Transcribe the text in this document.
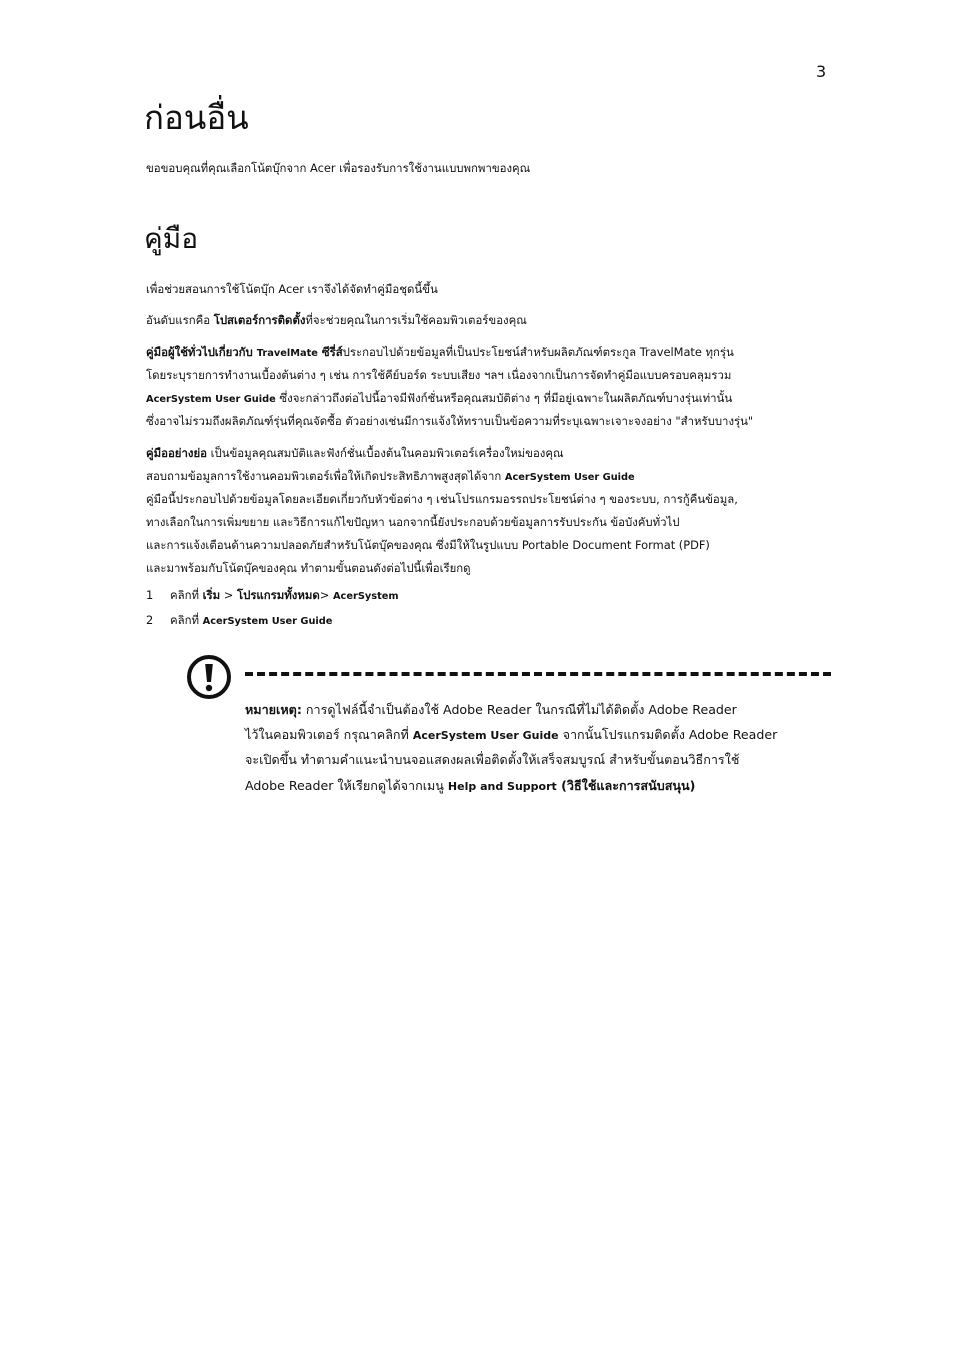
3
ก่อนอื่น
ขอขอบคุณที่คุณเลือกโน้ตบุ๊กจาก Acer เพื่อรองรับการใช้งานแบบพกพาของคุณ
คู่มือ
เพื่อช่วยสอนการใช้โน้ตบุ๊ก Acer เราจึงได้จัดทำคู่มือชุดนี้ขึ้น
อันดับแรกคือ โปสเตอร์การติดตั้งที่จะช่วยคุณในการเริ่มใช้คอมพิวเตอร์ของคุณ
คู่มือผู้ใช้ทั่วไปเกี่ยวกับ TravelMate ซีรี่ส์ประกอบไปด้วยข้อมูลที่เป็นประโยชน์สำหรับผลิตภัณฑ์ตระกูล TravelMate ทุกรุ่น
โดยระบุรายการทำงานเบื้องต้นต่าง ๆ เช่น การใช้คีย์บอร์ด ระบบเสียง ฯลฯ เนื่องจากเป็นการจัดทำคู่มือแบบครอบคลุมรวม
AcerSystem User Guide ซึ่งจะกล่าวถึงต่อไปนี้อาจมีฟังก์ชั่นหรือคุณสมบัติต่าง ๆ ที่มีอยู่เฉพาะในผลิตภัณฑ์บางรุ่นเท่านั้น
ซึ่งอาจไม่รวมถึงผลิตภัณฑ์รุ่นที่คุณจัดซื้อ ตัวอย่างเช่นมีการแจ้งให้ทราบเป็นข้อความที่ระบุเฉพาะเจาะจงอย่าง "สำหรับบางรุ่น"
คู่มืออย่างย่อ เป็นข้อมูลคุณสมบัติและฟังก์ชั่นเบื้องต้นในคอมพิวเตอร์เครื่องใหม่ของคุณ
สอบถามข้อมูลการใช้งานคอมพิวเตอร์เพื่อให้เกิดประสิทธิภาพสูงสุดได้จาก AcerSystem User Guide
คู่มือนี้ประกอบไปด้วยข้อมูลโดยละเอียดเกี่ยวกับหัวข้อต่าง ๆ เช่นโปรแกรมอรรถประโยชน์ต่าง ๆ ของระบบ, การกู้คืนข้อมูล,
ทางเลือกในการเพิ่มขยาย และวิธีการแก้ไขปัญหา นอกจากนี้ยังประกอบด้วยข้อมูลการรับประกัน ข้อบังคับทั่วไป
และการแจ้งเตือนด้านความปลอดภัยสำหรับโน้ตบุ๊คของคุณ ซึ่งมีให้ในรูปแบบ Portable Document Format (PDF)
และมาพร้อมกับโน้ตบุ๊คของคุณ ทำตามขั้นตอนดังต่อไปนี้เพื่อเรียกดู
1 คลิกที่ เริ่ม > โปรแกรมทั้งหมด> AcerSystem
2 คลิกที่ AcerSystem User Guide
หมายเหตุ: การดูไฟล์นี้จำเป็นต้องใช้ Adobe Reader ในกรณีที่ไม่ได้ติดตั้ง Adobe Reader
ไว้ในคอมพิวเตอร์ กรุณาคลิกที่ AcerSystem User Guide จากนั้นโปรแกรมติดตั้ง Adobe Reader
จะเปิดขึ้น ทำตามคำแนะนำบนจอแสดงผลเพื่อติดตั้งให้เสร็จสมบูรณ์ สำหรับขั้นตอนวิธีการใช้
Adobe Reader ให้เรียกดูได้จากเมนู Help and Support (วิธีใช้และการสนับสนุน)
